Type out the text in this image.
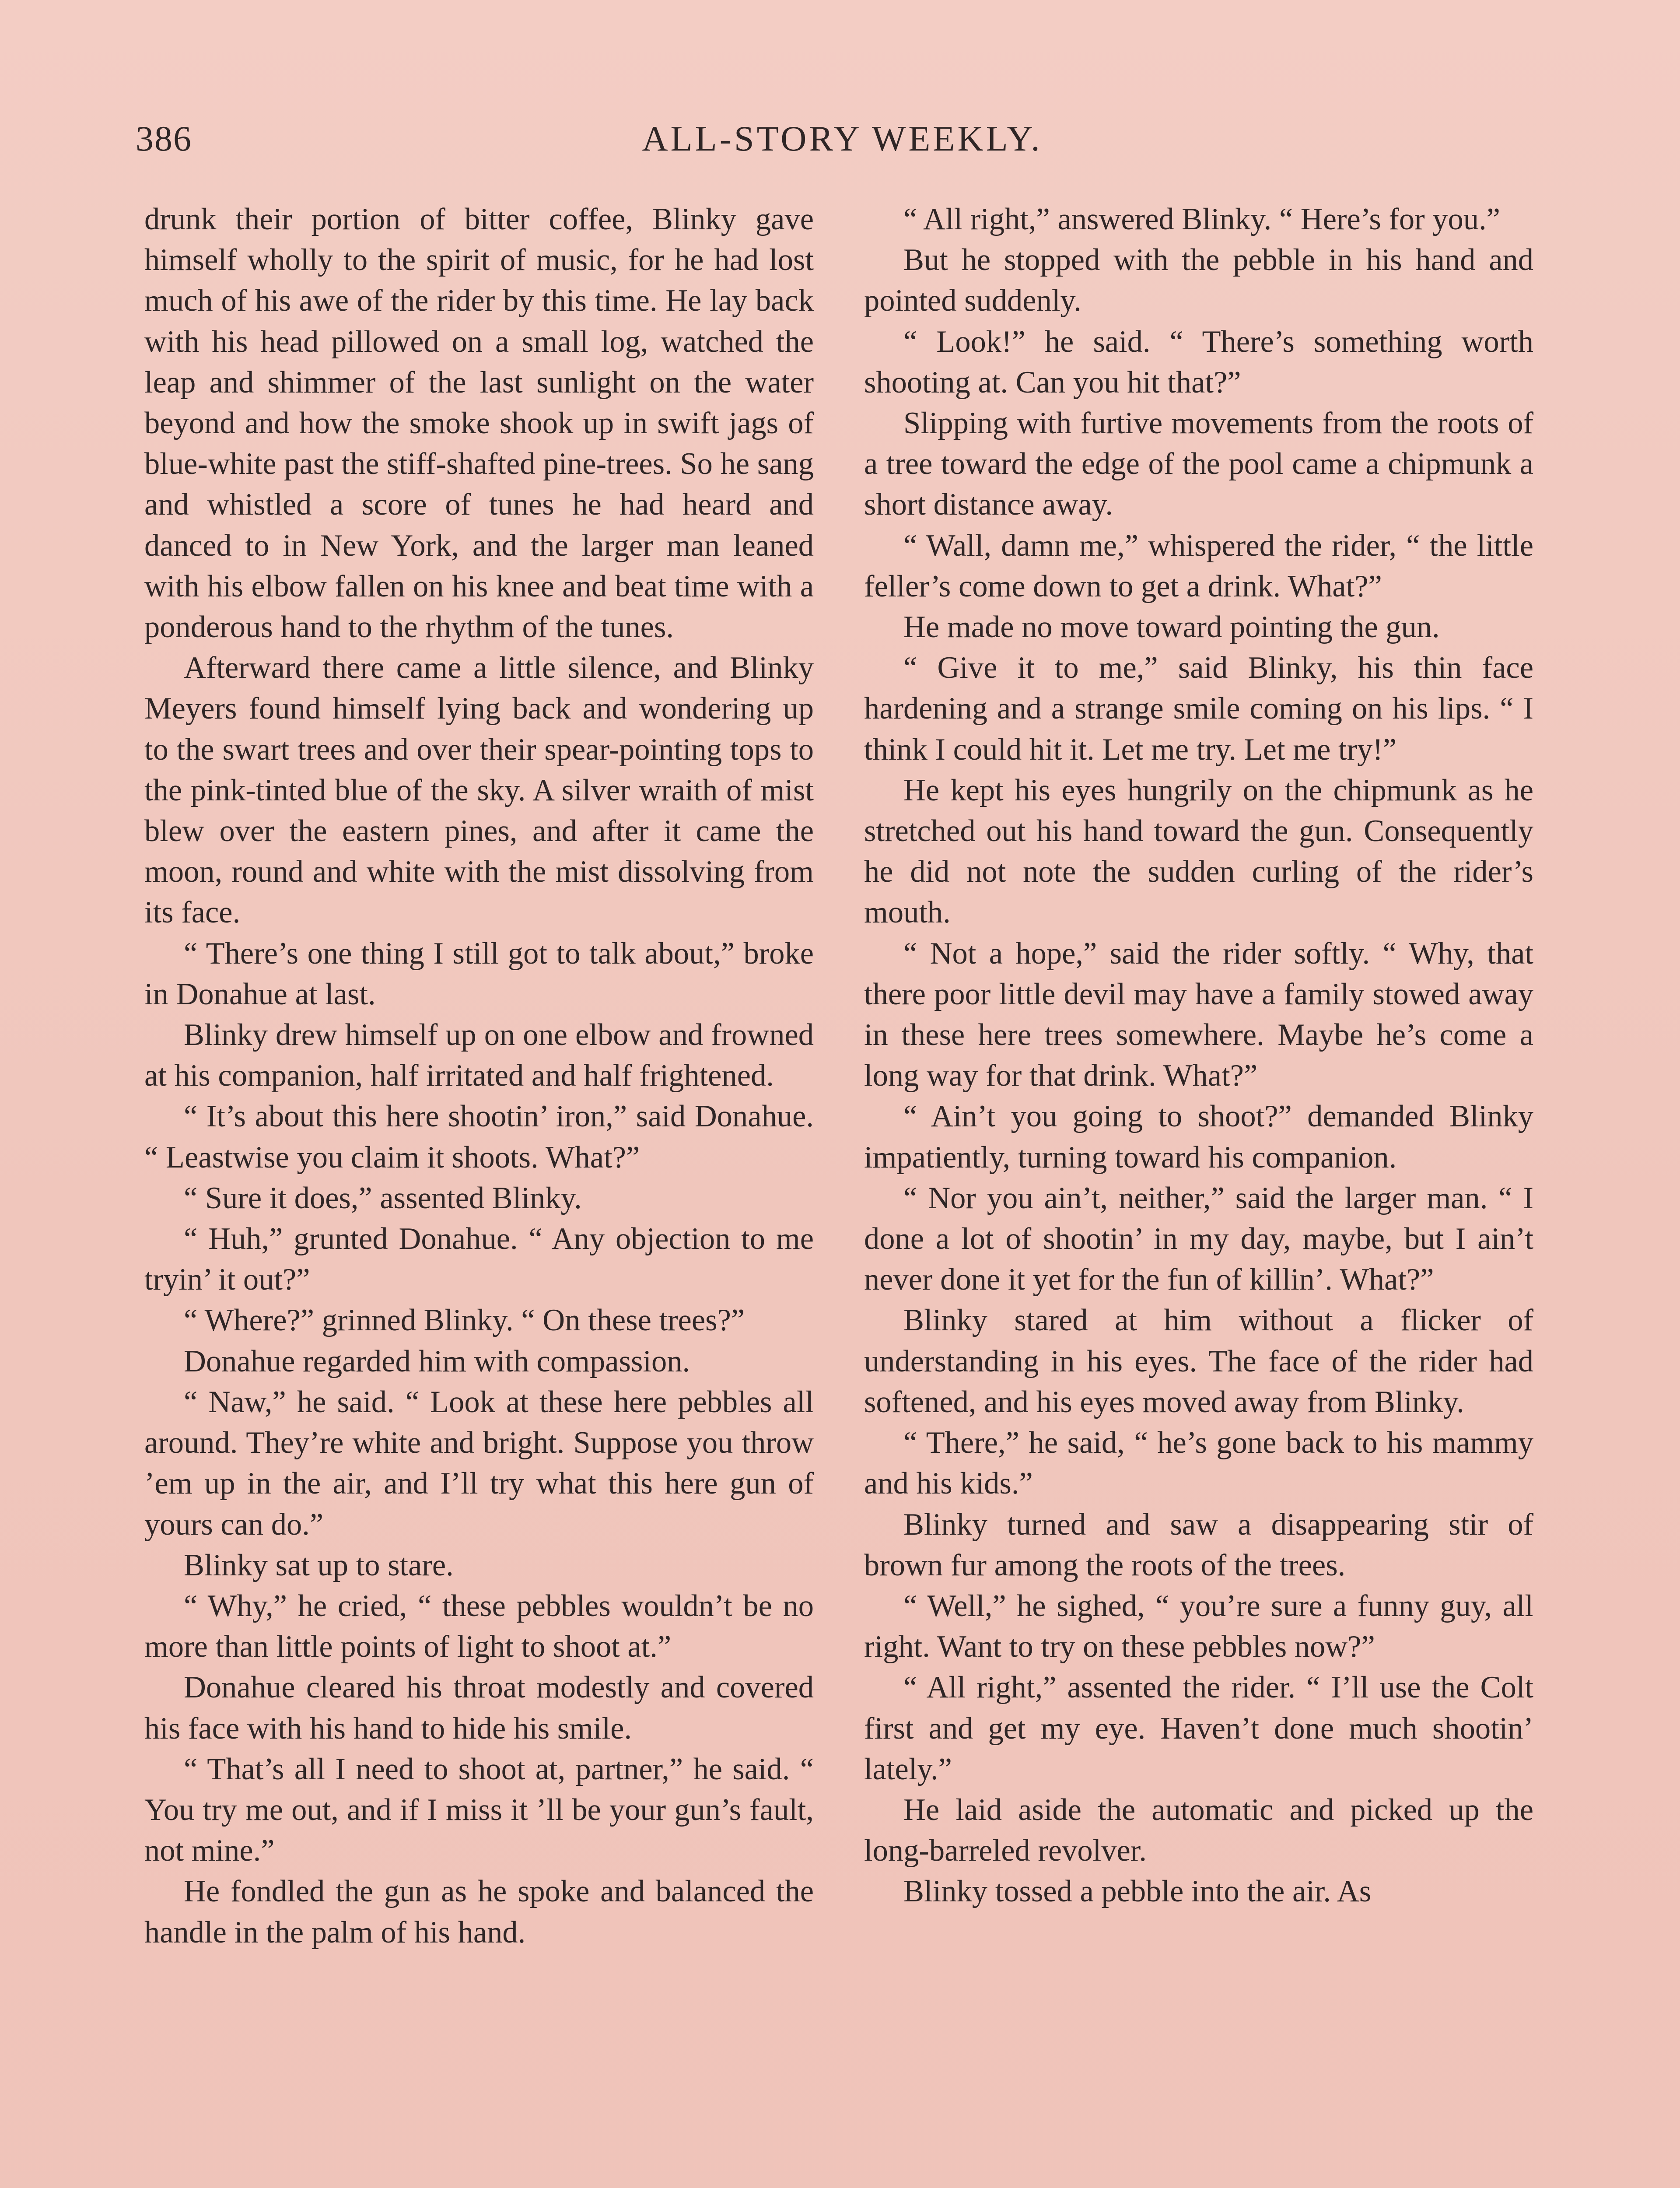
386	ALL-STORY WEEKLY.

drunk their portion of bitter coffee, Blinky gave himself wholly to the spirit of music, for he had lost much of his awe of the rider by this time. He lay back with his head pillowed on a small log, watched the leap and shimmer of the last sunlight on the water beyond and how the smoke shook up in swift jags of blue-white past the stiff-shafted pine-trees. So he sang and whistled a score of tunes he had heard and danced to in New York, and the larger man leaned with his elbow fallen on his knee and beat time with a ponderous hand to the rhythm of the tunes.

Afterward there came a little silence, and Blinky Meyers found himself lying back and wondering up to the swart trees and over their spear-pointing tops to the pink-tinted blue of the sky. A silver wraith of mist blew over the eastern pines, and after it came the moon, round and white with the mist dissolving from its face.

“ There’s one thing I still got to talk about,” broke in Donahue at last.

Blinky drew himself up on one elbow and frowned at his companion, half irritated and half frightened.

“ It’s about this here shootin’ iron,” said Donahue. “ Leastwise you claim it shoots. What?”

“ Sure it does,” assented Blinky.

“ Huh,” grunted Donahue. “ Any objection to me tryin’ it out?”

“ Where?” grinned Blinky. “ On these trees?”

Donahue regarded him with compassion.

“ Naw,” he said. “ Look at these here pebbles all around. They’re white and bright. Suppose you throw ’em up in the air, and I’ll try what this here gun of yours can do.”

Blinky sat up to stare.

“ Why,” he cried, “ these pebbles wouldn’t be no more than little points of light to shoot at.”

Donahue cleared his throat modestly and covered his face with his hand to hide his smile.

“ That’s all I need to shoot at, partner,” he said. “ You try me out, and if I miss it ’ll be your gun’s fault, not mine.”

He fondled the gun as he spoke and balanced the handle in the palm of his hand.

“ All right,” answered Blinky. “ Here’s for you.”

But he stopped with the pebble in his hand and pointed suddenly.

“ Look!” he said. “ There’s something worth shooting at. Can you hit that?”

Slipping with furtive movements from the roots of a tree toward the edge of the pool came a chipmunk a short distance away.

“ Wall, damn me,” whispered the rider, “ the little feller’s come down to get a drink. What?”

He made no move toward pointing the gun.

“ Give it to me,” said Blinky, his thin face hardening and a strange smile coming on his lips. “ I think I could hit it. Let me try. Let me try!”

He kept his eyes hungrily on the chipmunk as he stretched out his hand toward the gun. Consequently he did not note the sudden curling of the rider’s mouth.

“ Not a hope,” said the rider softly. “ Why, that there poor little devil may have a family stowed away in these here trees somewhere. Maybe he’s come a long way for that drink. What?”

“ Ain’t you going to shoot?” demanded Blinky impatiently, turning toward his companion.

“ Nor you ain’t, neither,” said the larger man. “ I done a lot of shootin’ in my day, maybe, but I ain’t never done it yet for the fun of killin’. What?”

Blinky stared at him without a flicker of understanding in his eyes. The face of the rider had softened, and his eyes moved away from Blinky.

“ There,” he said, “ he’s gone back to his mammy and his kids.”

Blinky turned and saw a disappearing stir of brown fur among the roots of the trees.

“ Well,” he sighed, “ you’re sure a funny guy, all right. Want to try on these pebbles now?”

“ All right,” assented the rider. “ I’ll use the Colt first and get my eye. Haven’t done much shootin’ lately.”

He laid aside the automatic and picked up the long-barreled revolver.

Blinky tossed a pebble into the air. As
